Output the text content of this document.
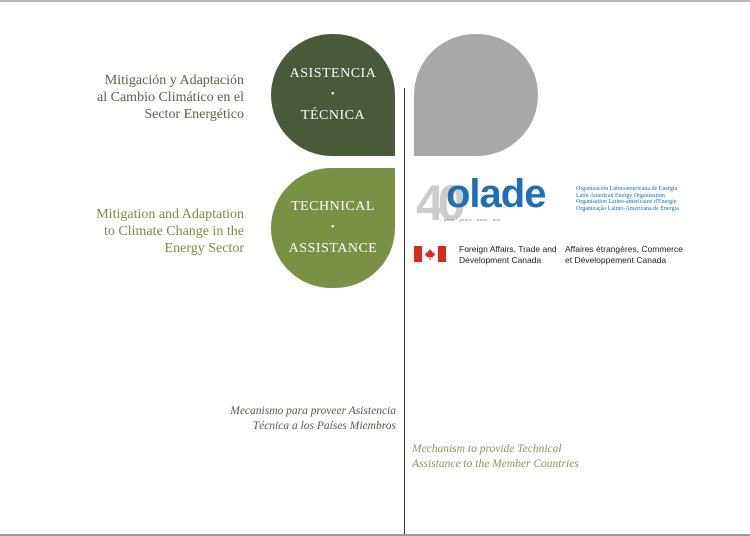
Mitigación y Adaptación
al Cambio Climático en el
Sector Energético
ASISTENCIA
•
TÉCNICA
Mitigation and Adaptation
to Climate Change in the
Energy Sector
TECHNICAL
•
ASSISTANCE
40
olade
años · years · anos · ans
Organización Latinoamericana de Energía
Latin American Energy Organization
Organisation Latino-américaine d'Énergie
Organização Latino-Americana de Energia
Foreign Affairs, Trade and
Development Canada
Affaires étrangères, Commerce
et Développement Canada
Mecanismo para proveer Asistencia
Técnica a los Países Miembros
Mechanism to provide Technical
Assistance to the Member Countries
